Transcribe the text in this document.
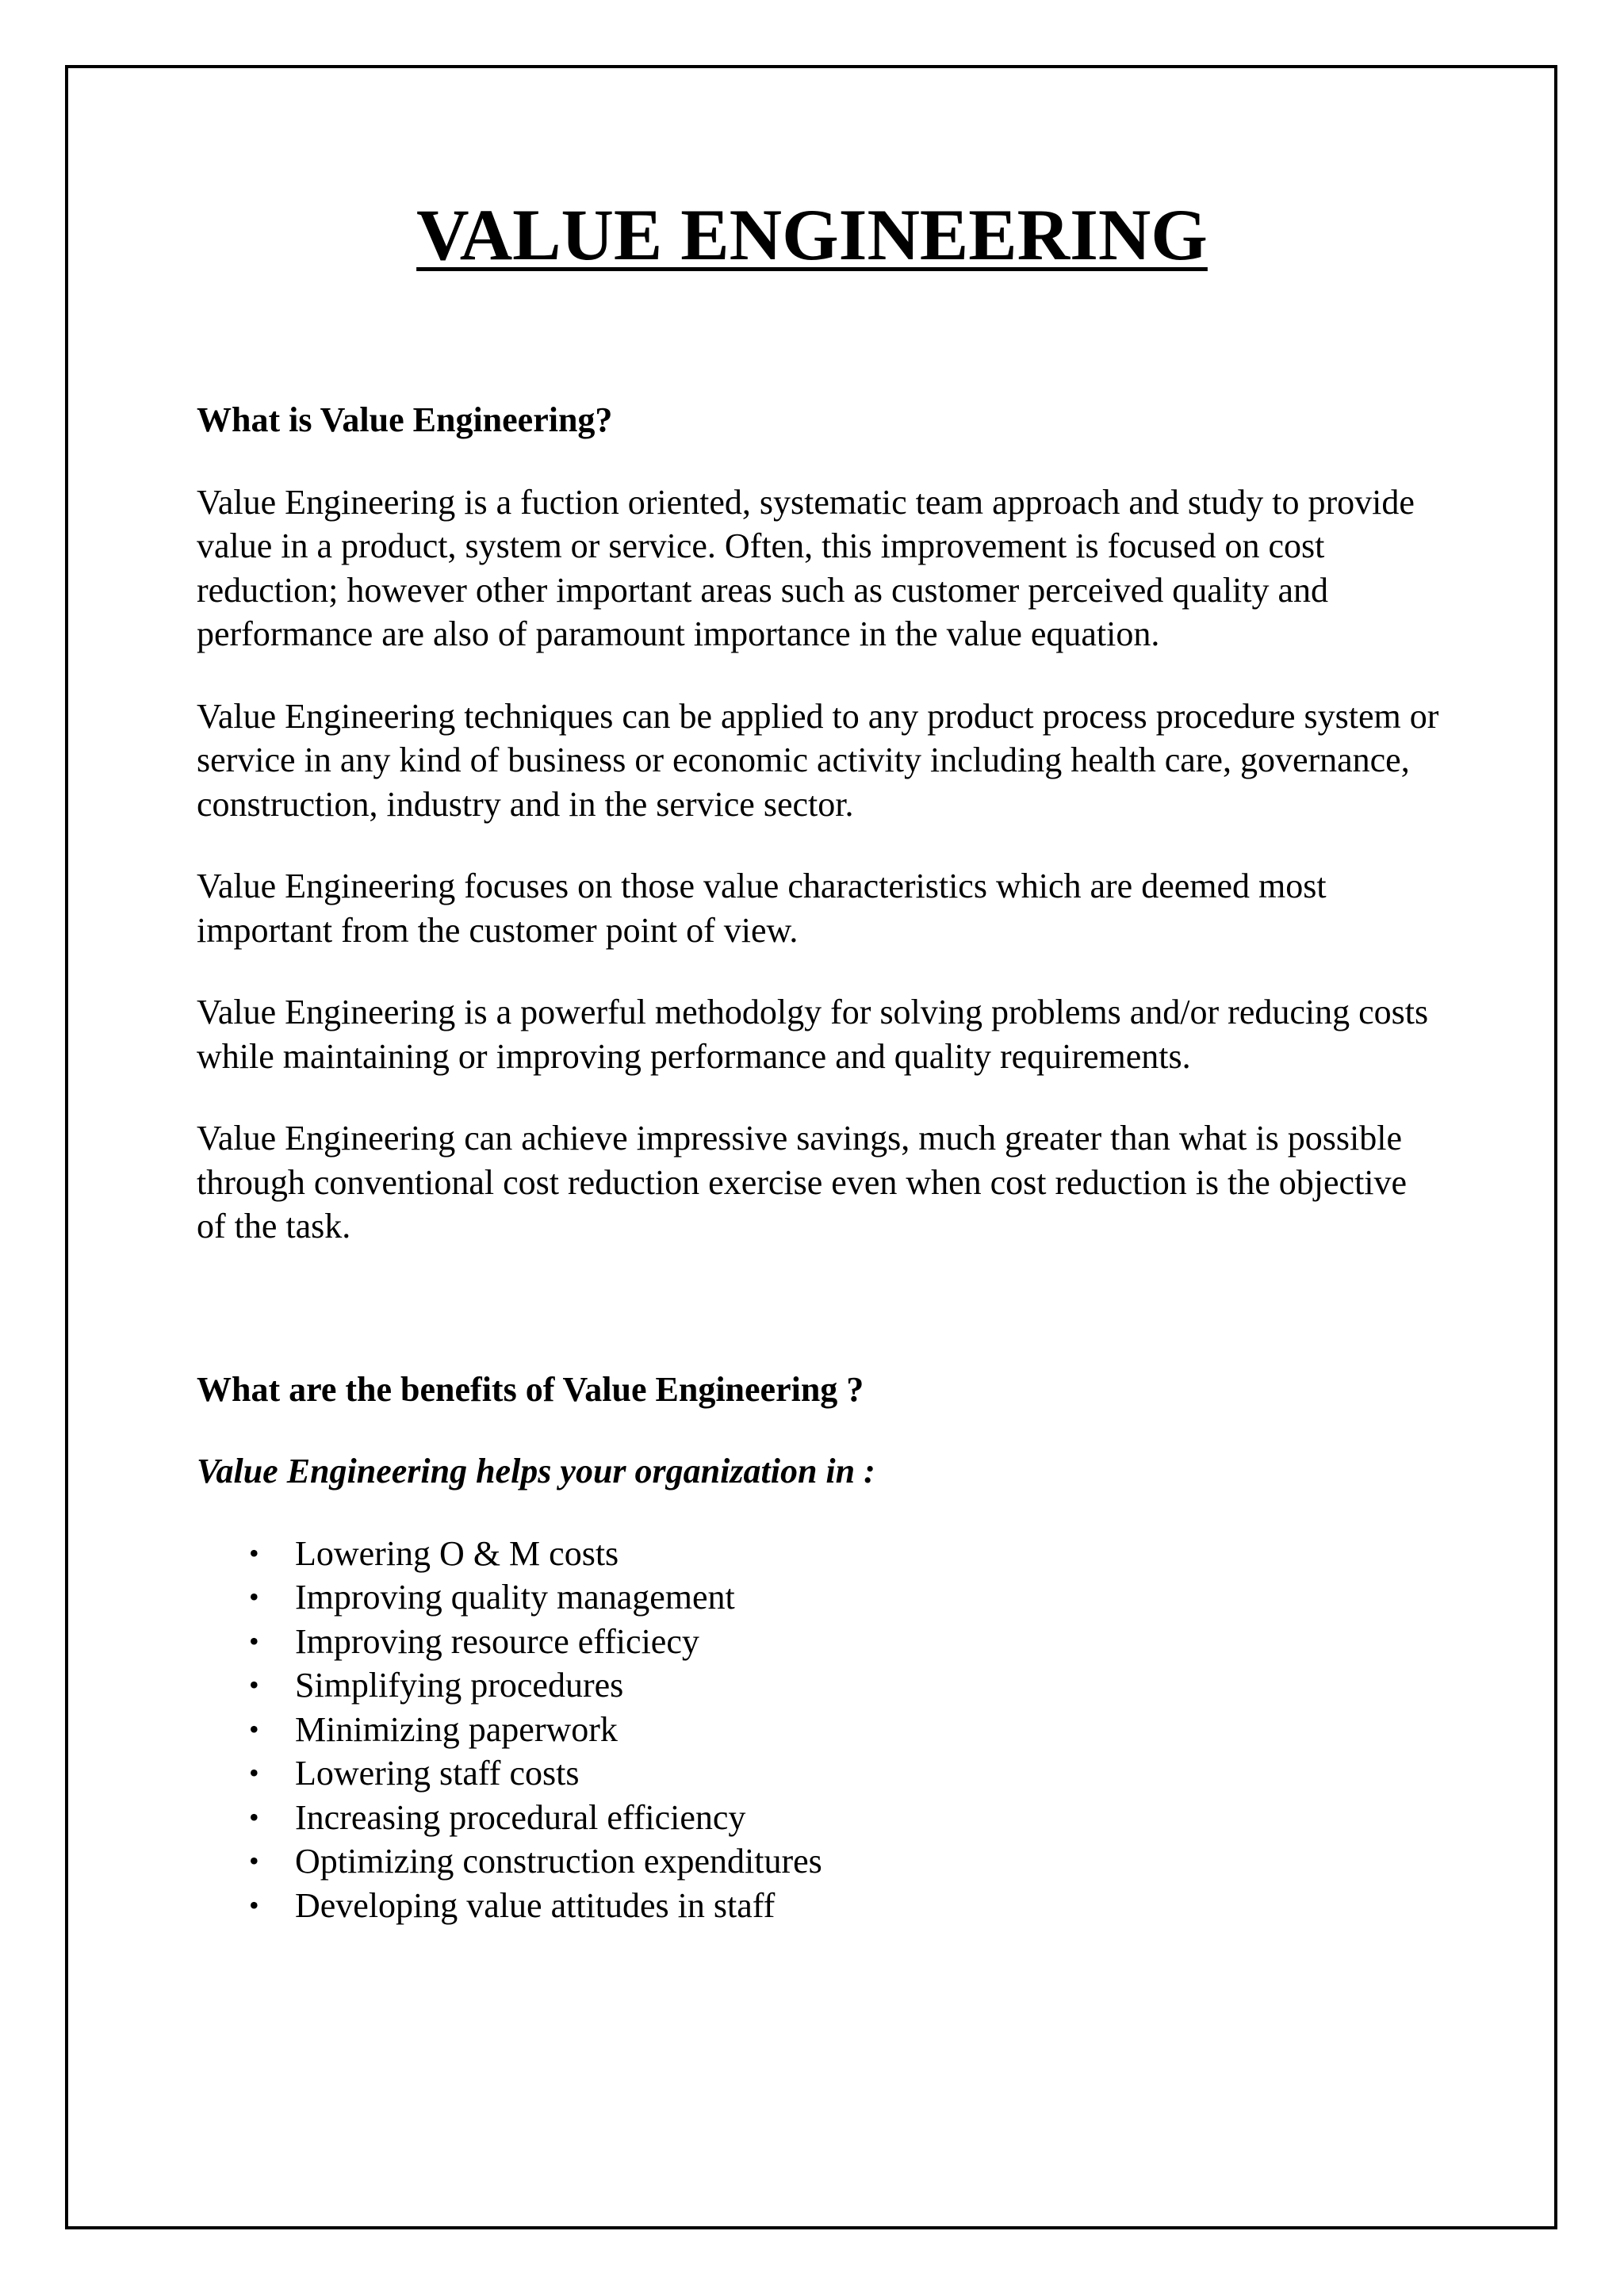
VALUE ENGINEERING
What is Value Engineering?

Value Engineering is a fuction oriented, systematic team approach and study to provide value in a product, system or service. Often, this improvement is focused on cost reduction; however other important areas such as customer perceived quality and performance are also of paramount importance in the value equation.

Value Engineering techniques can be applied to any product process procedure system or service in any kind of business or economic activity including health care, governance, construction, industry and in the service sector.

Value Engineering focuses on those value characteristics which are deemed most important from the customer point of view.

Value Engineering is a powerful methodolgy for solving problems and/or reducing costs while maintaining or improving performance and quality requirements.

Value Engineering can achieve impressive savings, much greater than what is possible through conventional cost reduction exercise even when cost reduction is the objective of the task.

What are the benefits of Value Engineering ?

Value Engineering helps your organization in :

• Lowering O & M costs
• Improving quality management
• Improving resource efficiecy
• Simplifying procedures
• Minimizing paperwork
• Lowering staff costs
• Increasing procedural efficiency
• Optimizing construction expenditures
• Developing value attitudes in staff
